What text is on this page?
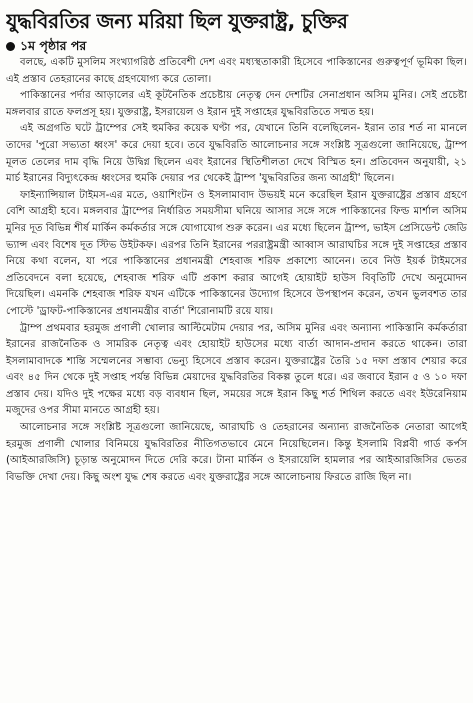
যুদ্ধবিরতির জন্য মরিয়া ছিল যুক্তরাষ্ট্র, চুক্তির
১ম পৃষ্ঠার পর

বলছে, একটি মুসলিম সংখ্যাগরিষ্ঠ প্রতিবেশী দেশ এবং মধ্যস্থতাকারী হিসেবে পাকিস্তানের গুরুত্বপূর্ণ ভূমিকা ছিল। এই প্রস্তাব তেহরানের কাছে গ্রহণযোগ্য করে তোলা।

পাকিস্তানের পর্দার আড়ালের এই কূটনৈতিক প্রচেষ্টায় নেতৃত্ব দেন দেশটির সেনাপ্রধান অসিম মুনির। সেই প্রচেষ্টা মঙ্গলবার রাতে ফলপ্রসূ হয়। যুক্তরাষ্ট্র, ইসরায়েল ও ইরান দুই সপ্তাহের যুদ্ধবিরতিতে সম্মত হয়।

এই অগ্রগতি ঘটে ট্রাম্পের সেই হুমকির কয়েক ঘণ্টা পর, যেখানে তিনি বলেছিলেন- ইরান তার শর্ত না মানলে তাদের 'পুরো সভ্যতা ধ্বংস' করে দেয়া হবে। তবে যুদ্ধবিরতি আলোচনার সঙ্গে সংশ্লিষ্ট সূত্রগুলো জানিয়েছে, ট্রাম্প মূলত তেলের দাম বৃদ্ধি নিয়ে উদ্বিগ্ন ছিলেন এবং ইরানের স্থিতিশীলতা দেখে বিস্মিত হন। প্রতিবেদন অনুযায়ী, ২১ মার্চ ইরানের বিদ্যুৎকেন্দ্র ধ্বংসের হুমকি দেয়ার পর থেকেই ট্রাম্প 'যুদ্ধবিরতির জন্য আগ্রহী' ছিলেন।

ফাইন্যান্সিয়াল টাইমস-এর মতে, ওয়াশিংটন ও ইসলামাবাদ উভয়ই মনে করেছিল ইরান যুক্তরাষ্ট্রের প্রস্তাব গ্রহণে বেশি আগ্রহী হবে। মঙ্গলবার ট্রাম্পের নির্ধারিত সময়সীমা ঘনিয়ে আসার সঙ্গে সঙ্গে পাকিস্তানের ফিল্ড মার্শাল অসিম মুনির দূত বিভিন্ন শীর্ষ মার্কিন কর্মকর্তার সঙ্গে যোগাযোগ শুরু করেন। এর মধ্যে ছিলেন ট্রাম্প, ভাইস প্রেসিডেন্ট জেডি ভ্যান্স এবং বিশেষ দূত স্টিভ উইটকফ। এরপর তিনি ইরানের পররাষ্ট্রমন্ত্রী আব্বাস আরাঘচির সঙ্গে দুই সপ্তাহের প্রস্তাব নিয়ে কথা বলেন, যা পরে পাকিস্তানের প্রধানমন্ত্রী শেহবাজ শরিফ প্রকাশ্যে আনেন। তবে নিউ ইয়র্ক টাইমসের প্রতিবেদনে বলা হয়েছে, শেহবাজ শরিফ এটি প্রকাশ করার আগেই হোয়াইট হাউস বিবৃতিটি দেখে অনুমোদন দিয়েছিল। এমনকি শেহবাজ শরিফ যখন এটিকে পাকিস্তানের উদ্যোগ হিসেবে উপস্থাপন করেন, তখন ভুলবশত তার পোস্টে 'ড্রাফট-পাকিস্তানের প্রধানমন্ত্রীর বার্তা' শিরোনামটি রয়ে যায়।

ট্রাম্প প্রথমবার হরমুজ প্রণালী খোলার আল্টিমেটাম দেয়ার পর, অসিম মুনির এবং অন্যান্য পাকিস্তানি কর্মকর্তারা ইরানের রাজনৈতিক ও সামরিক নেতৃত্ব এবং হোয়াইট হাউসের মধ্যে বার্তা আদান-প্রদান করতে থাকেন। তারা ইসলামাবাদকে শান্তি সম্মেলনের সম্ভাব্য ভেন্যু হিসেবে প্রস্তাব করেন। যুক্তরাষ্ট্রের তৈরি ১৫ দফা প্রস্তাব শেয়ার করে এবং ৪৫ দিন থেকে দুই সপ্তাহ পর্যন্ত বিভিন্ন মেয়াদের যুদ্ধবিরতির বিকল্প তুলে ধরে। এর জবাবে ইরান ৫ ও ১০ দফা প্রস্তাব দেয়। যদিও দুই পক্ষের মধ্যে বড় ব্যবধান ছিল, সময়ের সঙ্গে ইরান কিছু শর্ত শিথিল করতে এবং ইউরেনিয়াম মজুদের ওপর সীমা মানতে আগ্রহী হয়।

আলোচনার সঙ্গে সংশ্লিষ্ট সূত্রগুলো জানিয়েছে, আরাঘচি ও তেহরানের অন্যান্য রাজনৈতিক নেতারা আগেই হরমুজ প্রণালী খোলার বিনিময়ে যুদ্ধবিরতির নীতিগতভাবে মেনে নিয়েছিলেন। কিন্তু ইসলামি বিপ্লবী গার্ড কর্পস (আইআরজিসি) চূড়ান্ত অনুমোদন দিতে দেরি করে। টানা মার্কিন ও ইসরায়েলি হামলার পর আইআরজিসির ভেতর বিভক্তি দেখা দেয়। কিছু অংশ যুদ্ধ শেষ করতে এবং যুক্তরাষ্ট্রের সঙ্গে আলোচনায় ফিরতে রাজি ছিল না।
